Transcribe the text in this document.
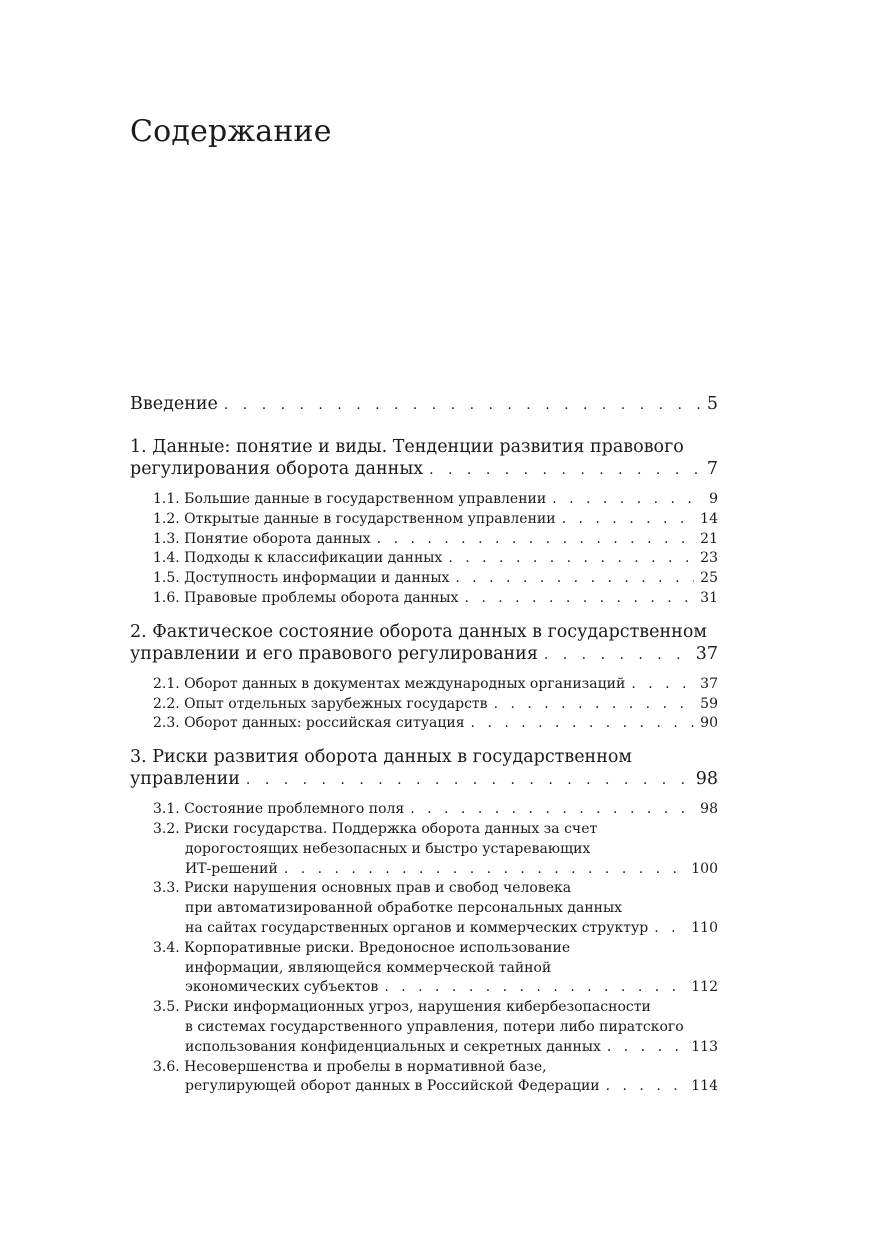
Содержание
Введение . . .	5
1. Данные: понятие и виды. Тенденции развития правового
регулирования оборота данных . . .	7
1.1. Большие данные в государственном управлении . . .	9
1.2. Открытые данные в государственном управлении . . .	14
1.3. Понятие оборота данных . . .	21
1.4. Подходы к классификации данных . . .	23
1.5. Доступность информации и данных . . .	25
1.6. Правовые проблемы оборота данных . . .	31
2. Фактическое состояние оборота данных в государственном
управлении и его правового регулирования . . .	37
2.1. Оборот данных в документах международных организаций . . .	37
2.2. Опыт отдельных зарубежных государств . . .	59
2.3. Оборот данных: российская ситуация . . .	90
3. Риски развития оборота данных в государственном
управлении . . .	98
3.1. Состояние проблемного поля . . .	98
3.2. Риски государства. Поддержка оборота данных за счет
дорогостоящих небезопасных и быстро устаревающих
ИТ-решений . . .	100
3.3. Риски нарушения основных прав и свобод человека
при автоматизированной обработке персональных данных
на сайтах государственных органов и коммерческих структур . . .	110
3.4. Корпоративные риски. Вредоносное использование
информации, являющейся коммерческой тайной
экономических субъектов . . .	112
3.5. Риски информационных угроз, нарушения кибербезопасности
в системах государственного управления, потери либо пиратского
использования конфиденциальных и секретных данных . . .	113
3.6. Несовершенства и пробелы в нормативной базе,
регулирующей оборот данных в Российской Федерации . . .	114
